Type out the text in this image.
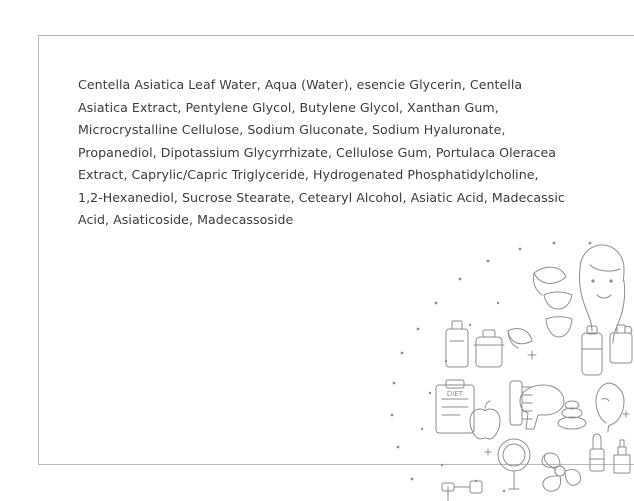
Centella Asiatica Leaf Water, Aqua (Water), esencie Glycerin, Centella Asiatica Extract, Pentylene Glycol, Butylene Glycol, Xanthan Gum, Microcrystalline Cellulose, Sodium Gluconate, Sodium Hyaluronate, Propanediol, Dipotassium Glycyrrhizate, Cellulose Gum, Portulaca Oleracea Extract, Caprylic/Capric Triglyceride, Hydrogenated Phosphatidylcholine, 1,2-Hexanediol, Sucrose Stearate, Cetearyl Alcohol, Asiatic Acid, Madecassic Acid, Asiaticoside, Madecassoside
DIET
